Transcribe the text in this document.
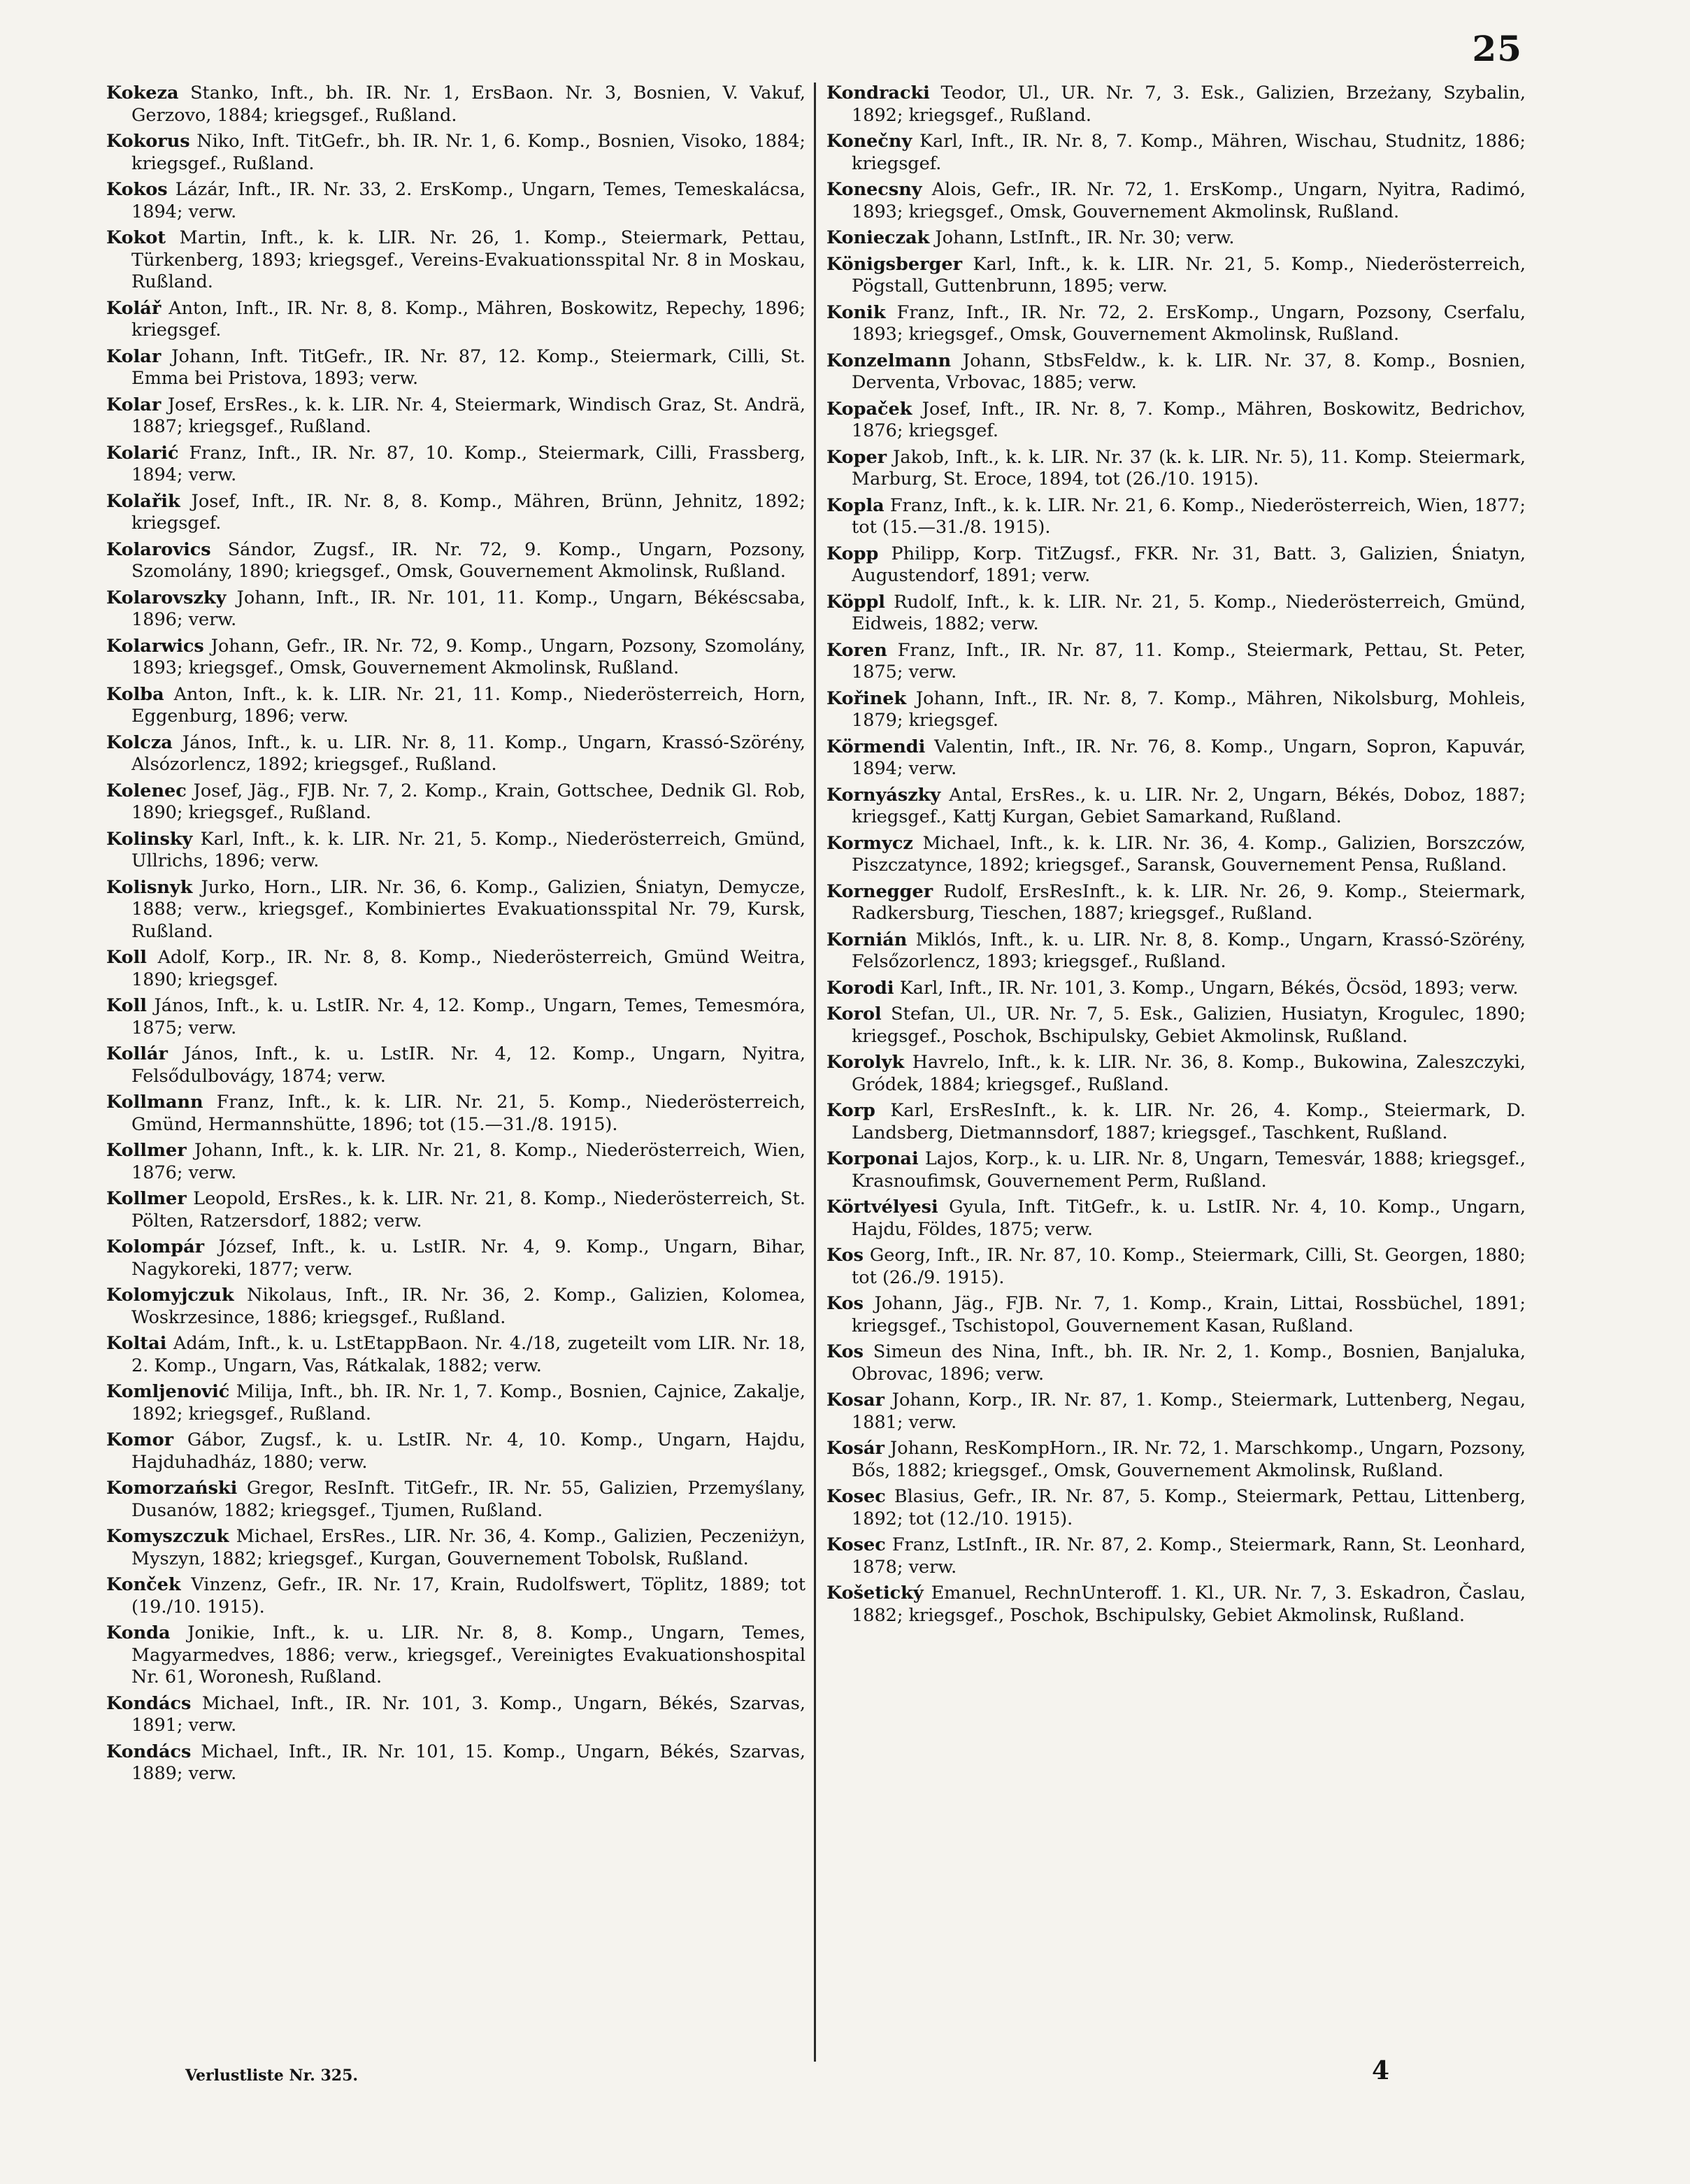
25
Kokeza Stanko, Inft., bh. IR. Nr. 1, ErsBaon. Nr. 3, Bosnien, V. Vakuf, Gerzovo, 1884; kriegsgef., Rußland.
Kokorus Niko, Inft. TitGefr., bh. IR. Nr. 1, 6. Komp., Bosnien, Visoko, 1884; kriegsgef., Rußland.
Kokos Lázár, Inft., IR. Nr. 33, 2. ErsKomp., Ungarn, Temes, Temeskalácsa, 1894; verw.
Kokot Martin, Inft., k. k. LIR. Nr. 26, 1. Komp., Steiermark, Pettau, Türkenberg, 1893; kriegsgef., Vereins-Evakuationsspital Nr. 8 in Moskau, Rußland.
Kolář Anton, Inft., IR. Nr. 8, 8. Komp., Mähren, Boskowitz, Repechy, 1896; kriegsgef.
Kolar Johann, Inft. TitGefr., IR. Nr. 87, 12. Komp., Steiermark, Cilli, St. Emma bei Pristova, 1893; verw.
Kolar Josef, ErsRes., k. k. LIR. Nr. 4, Steiermark, Windisch Graz, St. Andrä, 1887; kriegsgef., Rußland.
Kolarić Franz, Inft., IR. Nr. 87, 10. Komp., Steiermark, Cilli, Frassberg, 1894; verw.
Kolařik Josef, Inft., IR. Nr. 8, 8. Komp., Mähren, Brünn, Jehnitz, 1892; kriegsgef.
Kolarovics Sándor, Zugsf., IR. Nr. 72, 9. Komp., Ungarn, Pozsony, Szomolány, 1890; kriegsgef., Omsk, Gouvernement Akmolinsk, Rußland.
Kolarovszky Johann, Inft., IR. Nr. 101, 11. Komp., Ungarn, Békéscsaba, 1896; verw.
Kolarwics Johann, Gefr., IR. Nr. 72, 9. Komp., Ungarn, Pozsony, Szomolány, 1893; kriegsgef., Omsk, Gouvernement Akmolinsk, Rußland.
Kolba Anton, Inft., k. k. LIR. Nr. 21, 11. Komp., Niederösterreich, Horn, Eggenburg, 1896; verw.
Kolcza János, Inft., k. u. LIR. Nr. 8, 11. Komp., Ungarn, Krassó-Szörény, Alsózorlencz, 1892; kriegsgef., Rußland.
Kolenec Josef, Jäg., FJB. Nr. 7, 2. Komp., Krain, Gottschee, Dednik Gl. Rob, 1890; kriegsgef., Rußland.
Kolinsky Karl, Inft., k. k. LIR. Nr. 21, 5. Komp., Niederösterreich, Gmünd, Ullrichs, 1896; verw.
Kolisnyk Jurko, Horn., LIR. Nr. 36, 6. Komp., Galizien, Śniatyn, Demycze, 1888; verw., kriegsgef., Kombiniertes Evakuationsspital Nr. 79, Kursk, Rußland.
Koll Adolf, Korp., IR. Nr. 8, 8. Komp., Niederösterreich, Gmünd Weitra, 1890; kriegsgef.
Koll János, Inft., k. u. LstIR. Nr. 4, 12. Komp., Ungarn, Temes, Temesmóra, 1875; verw.
Kollár János, Inft., k. u. LstIR. Nr. 4, 12. Komp., Ungarn, Nyitra, Felsődulbovágy, 1874; verw.
Kollmann Franz, Inft., k. k. LIR. Nr. 21, 5. Komp., Niederösterreich, Gmünd, Hermannshütte, 1896; tot (15.—31./8. 1915).
Kollmer Johann, Inft., k. k. LIR. Nr. 21, 8. Komp., Niederösterreich, Wien, 1876; verw.
Kollmer Leopold, ErsRes., k. k. LIR. Nr. 21, 8. Komp., Niederösterreich, St. Pölten, Ratzersdorf, 1882; verw.
Kolompár József, Inft., k. u. LstIR. Nr. 4, 9. Komp., Ungarn, Bihar, Nagykoreki, 1877; verw.
Kolomyjczuk Nikolaus, Inft., IR. Nr. 36, 2. Komp., Galizien, Kolomea, Woskrzesince, 1886; kriegsgef., Rußland.
Koltai Adám, Inft., k. u. LstEtappBaon. Nr. 4./18, zugeteilt vom LIR. Nr. 18, 2. Komp., Ungarn, Vas, Rátkalak, 1882; verw.
Komljenović Milija, Inft., bh. IR. Nr. 1, 7. Komp., Bosnien, Cajnice, Zakalje, 1892; kriegsgef., Rußland.
Komor Gábor, Zugsf., k. u. LstIR. Nr. 4, 10. Komp., Ungarn, Hajdu, Hajduhadház, 1880; verw.
Komorzański Gregor, ResInft. TitGefr., IR. Nr. 55, Galizien, Przemyślany, Dusanów, 1882; kriegsgef., Tjumen, Rußland.
Komyszczuk Michael, ErsRes., LIR. Nr. 36, 4. Komp., Galizien, Peczeniżyn, Myszyn, 1882; kriegsgef., Kurgan, Gouvernement Tobolsk, Rußland.
Konček Vinzenz, Gefr., IR. Nr. 17, Krain, Rudolfswert, Töplitz, 1889; tot (19./10. 1915).
Konda Jonikie, Inft., k. u. LIR. Nr. 8, 8. Komp., Ungarn, Temes, Magyarmedves, 1886; verw., kriegsgef., Vereinigtes Evakuationshospital Nr. 61, Woronesh, Rußland.
Kondács Michael, Inft., IR. Nr. 101, 3. Komp., Ungarn, Békés, Szarvas, 1891; verw.
Kondács Michael, Inft., IR. Nr. 101, 15. Komp., Ungarn, Békés, Szarvas, 1889; verw.
Kondracki Teodor, Ul., UR. Nr. 7, 3. Esk., Galizien, Brzeżany, Szybalin, 1892; kriegsgef., Rußland.
Konečny Karl, Inft., IR. Nr. 8, 7. Komp., Mähren, Wischau, Studnitz, 1886; kriegsgef.
Konecsny Alois, Gefr., IR. Nr. 72, 1. ErsKomp., Ungarn, Nyitra, Radimó, 1893; kriegsgef., Omsk, Gouvernement Akmolinsk, Rußland.
Konieczak Johann, LstInft., IR. Nr. 30; verw.
Königsberger Karl, Inft., k. k. LIR. Nr. 21, 5. Komp., Niederösterreich, Pögstall, Guttenbrunn, 1895; verw.
Konik Franz, Inft., IR. Nr. 72, 2. ErsKomp., Ungarn, Pozsony, Cserfalu, 1893; kriegsgef., Omsk, Gouvernement Akmolinsk, Rußland.
Konzelmann Johann, StbsFeldw., k. k. LIR. Nr. 37, 8. Komp., Bosnien, Derventa, Vrbovac, 1885; verw.
Kopaček Josef, Inft., IR. Nr. 8, 7. Komp., Mähren, Boskowitz, Bedrichov, 1876; kriegsgef.
Koper Jakob, Inft., k. k. LIR. Nr. 37 (k. k. LIR. Nr. 5), 11. Komp. Steiermark, Marburg, St. Eroce, 1894, tot (26./10. 1915).
Kopla Franz, Inft., k. k. LIR. Nr. 21, 6. Komp., Niederösterreich, Wien, 1877; tot (15.—31./8. 1915).
Kopp Philipp, Korp. TitZugsf., FKR. Nr. 31, Batt. 3, Galizien, Śniatyn, Augustendorf, 1891; verw.
Köppl Rudolf, Inft., k. k. LIR. Nr. 21, 5. Komp., Niederösterreich, Gmünd, Eidweis, 1882; verw.
Koren Franz, Inft., IR. Nr. 87, 11. Komp., Steiermark, Pettau, St. Peter, 1875; verw.
Kořinek Johann, Inft., IR. Nr. 8, 7. Komp., Mähren, Nikolsburg, Mohleis, 1879; kriegsgef.
Körmendi Valentin, Inft., IR. Nr. 76, 8. Komp., Ungarn, Sopron, Kapuvár, 1894; verw.
Kornyászky Antal, ErsRes., k. u. LIR. Nr. 2, Ungarn, Békés, Doboz, 1887; kriegsgef., Kattj Kurgan, Gebiet Samarkand, Rußland.
Kormycz Michael, Inft., k. k. LIR. Nr. 36, 4. Komp., Galizien, Borszczów, Piszczatynce, 1892; kriegsgef., Saransk, Gouvernement Pensa, Rußland.
Kornegger Rudolf, ErsResInft., k. k. LIR. Nr. 26, 9. Komp., Steiermark, Radkersburg, Tieschen, 1887; kriegsgef., Rußland.
Kornián Miklós, Inft., k. u. LIR. Nr. 8, 8. Komp., Ungarn, Krassó-Szörény, Felsőzorlencz, 1893; kriegsgef., Rußland.
Korodi Karl, Inft., IR. Nr. 101, 3. Komp., Ungarn, Békés, Öcsöd, 1893; verw.
Korol Stefan, Ul., UR. Nr. 7, 5. Esk., Galizien, Husiatyn, Krogulec, 1890; kriegsgef., Poschok, Bschipulsky, Gebiet Akmolinsk, Rußland.
Korolyk Havrelo, Inft., k. k. LIR. Nr. 36, 8. Komp., Bukowina, Zaleszczyki, Gródek, 1884; kriegsgef., Rußland.
Korp Karl, ErsResInft., k. k. LIR. Nr. 26, 4. Komp., Steiermark, D. Landsberg, Dietmannsdorf, 1887; kriegsgef., Taschkent, Rußland.
Korponai Lajos, Korp., k. u. LIR. Nr. 8, Ungarn, Temesvár, 1888; kriegsgef., Krasnoufimsk, Gouvernement Perm, Rußland.
Körtvélyesi Gyula, Inft. TitGefr., k. u. LstIR. Nr. 4, 10. Komp., Ungarn, Hajdu, Földes, 1875; verw.
Kos Georg, Inft., IR. Nr. 87, 10. Komp., Steiermark, Cilli, St. Georgen, 1880; tot (26./9. 1915).
Kos Johann, Jäg., FJB. Nr. 7, 1. Komp., Krain, Littai, Rossbüchel, 1891; kriegsgef., Tschistopol, Gouvernement Kasan, Rußland.
Kos Simeun des Nina, Inft., bh. IR. Nr. 2, 1. Komp., Bosnien, Banjaluka, Obrovac, 1896; verw.
Kosar Johann, Korp., IR. Nr. 87, 1. Komp., Steiermark, Luttenberg, Negau, 1881; verw.
Kosár Johann, ResKompHorn., IR. Nr. 72, 1. Marschkomp., Ungarn, Pozsony, Bős, 1882; kriegsgef., Omsk, Gouvernement Akmolinsk, Rußland.
Kosec Blasius, Gefr., IR. Nr. 87, 5. Komp., Steiermark, Pettau, Littenberg, 1892; tot (12./10. 1915).
Kosec Franz, LstInft., IR. Nr. 87, 2. Komp., Steiermark, Rann, St. Leonhard, 1878; verw.
Košetický Emanuel, RechnUnteroff. 1. Kl., UR. Nr. 7, 3. Eskadron, Časlau, 1882; kriegsgef., Poschok, Bschipulsky, Gebiet Akmolinsk, Rußland.
Verlustliste Nr. 325.	4
